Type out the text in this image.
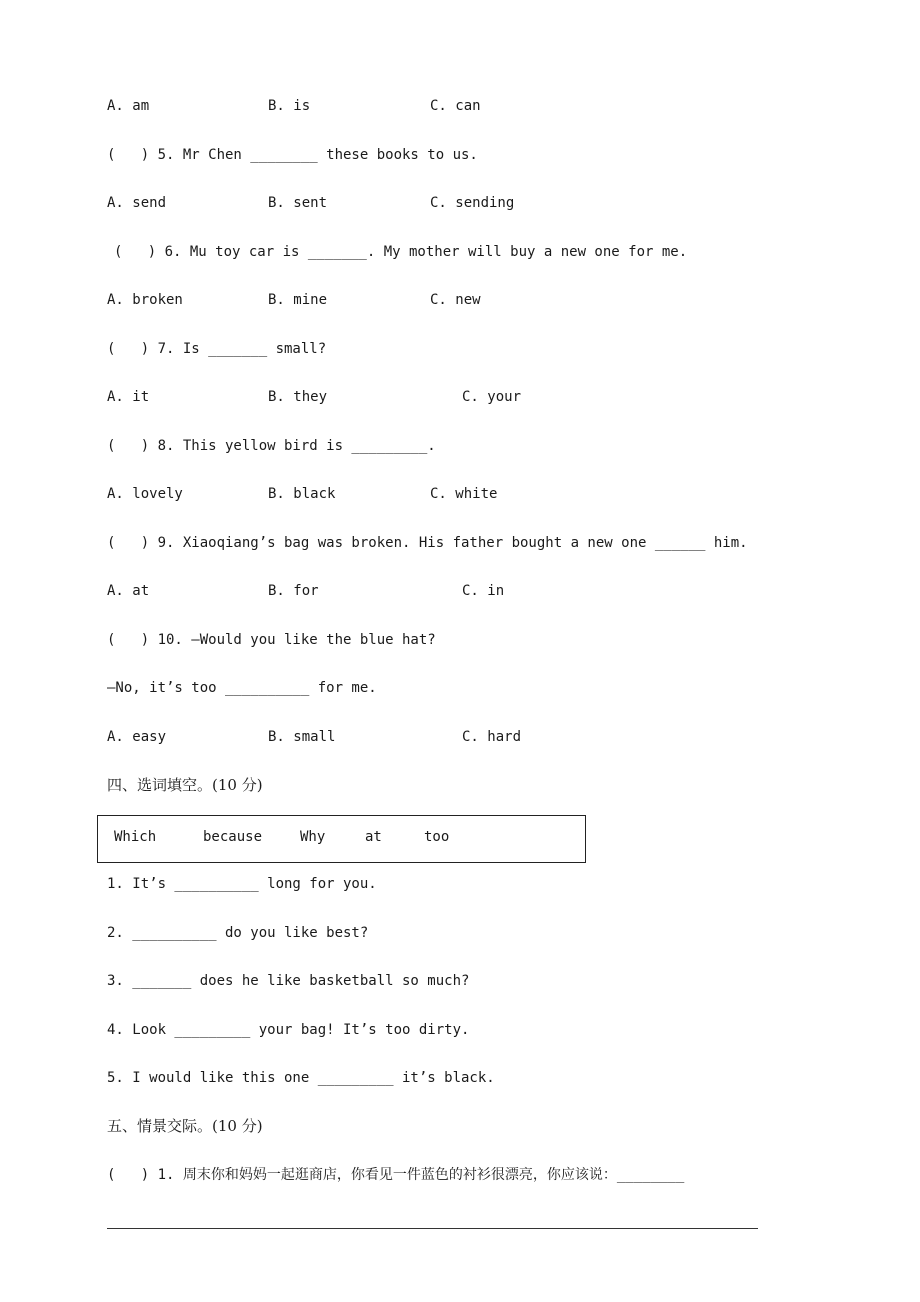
A. am	B. is	C. can
(   ) 5. Mr Chen ________ these books to us.
A. send	B. sent	C. sending
(   ) 6. Mu toy car is _______. My mother will buy a new one for me.
A. broken	B. mine	C. new
(   ) 7. Is _______ small?
A. it	B. they	C. your
(   ) 8. This yellow bird is _________.
A. lovely	B. black	C. white
(   ) 9. Xiaoqiang’s bag was broken. His father bought a new one ______ him.
A. at	B. for	C. in
(   ) 10. —Would you like the blue hat?
—No, it’s too __________ for me.
A. easy	B. small	C. hard
四、选词填空。(10 分)
Which	because	Why	at	too
1. It’s __________ long for you.
2. __________ do you like best?
3. _______ does he like basketball so much?
4. Look _________ your bag! It’s too dirty.
5. I would like this one _________ it’s black.
五、情景交际。(10 分)
(   ) 1. 周末你和妈妈一起逛商店，你看见一件蓝色的衬衫很漂亮，你应该说：________
